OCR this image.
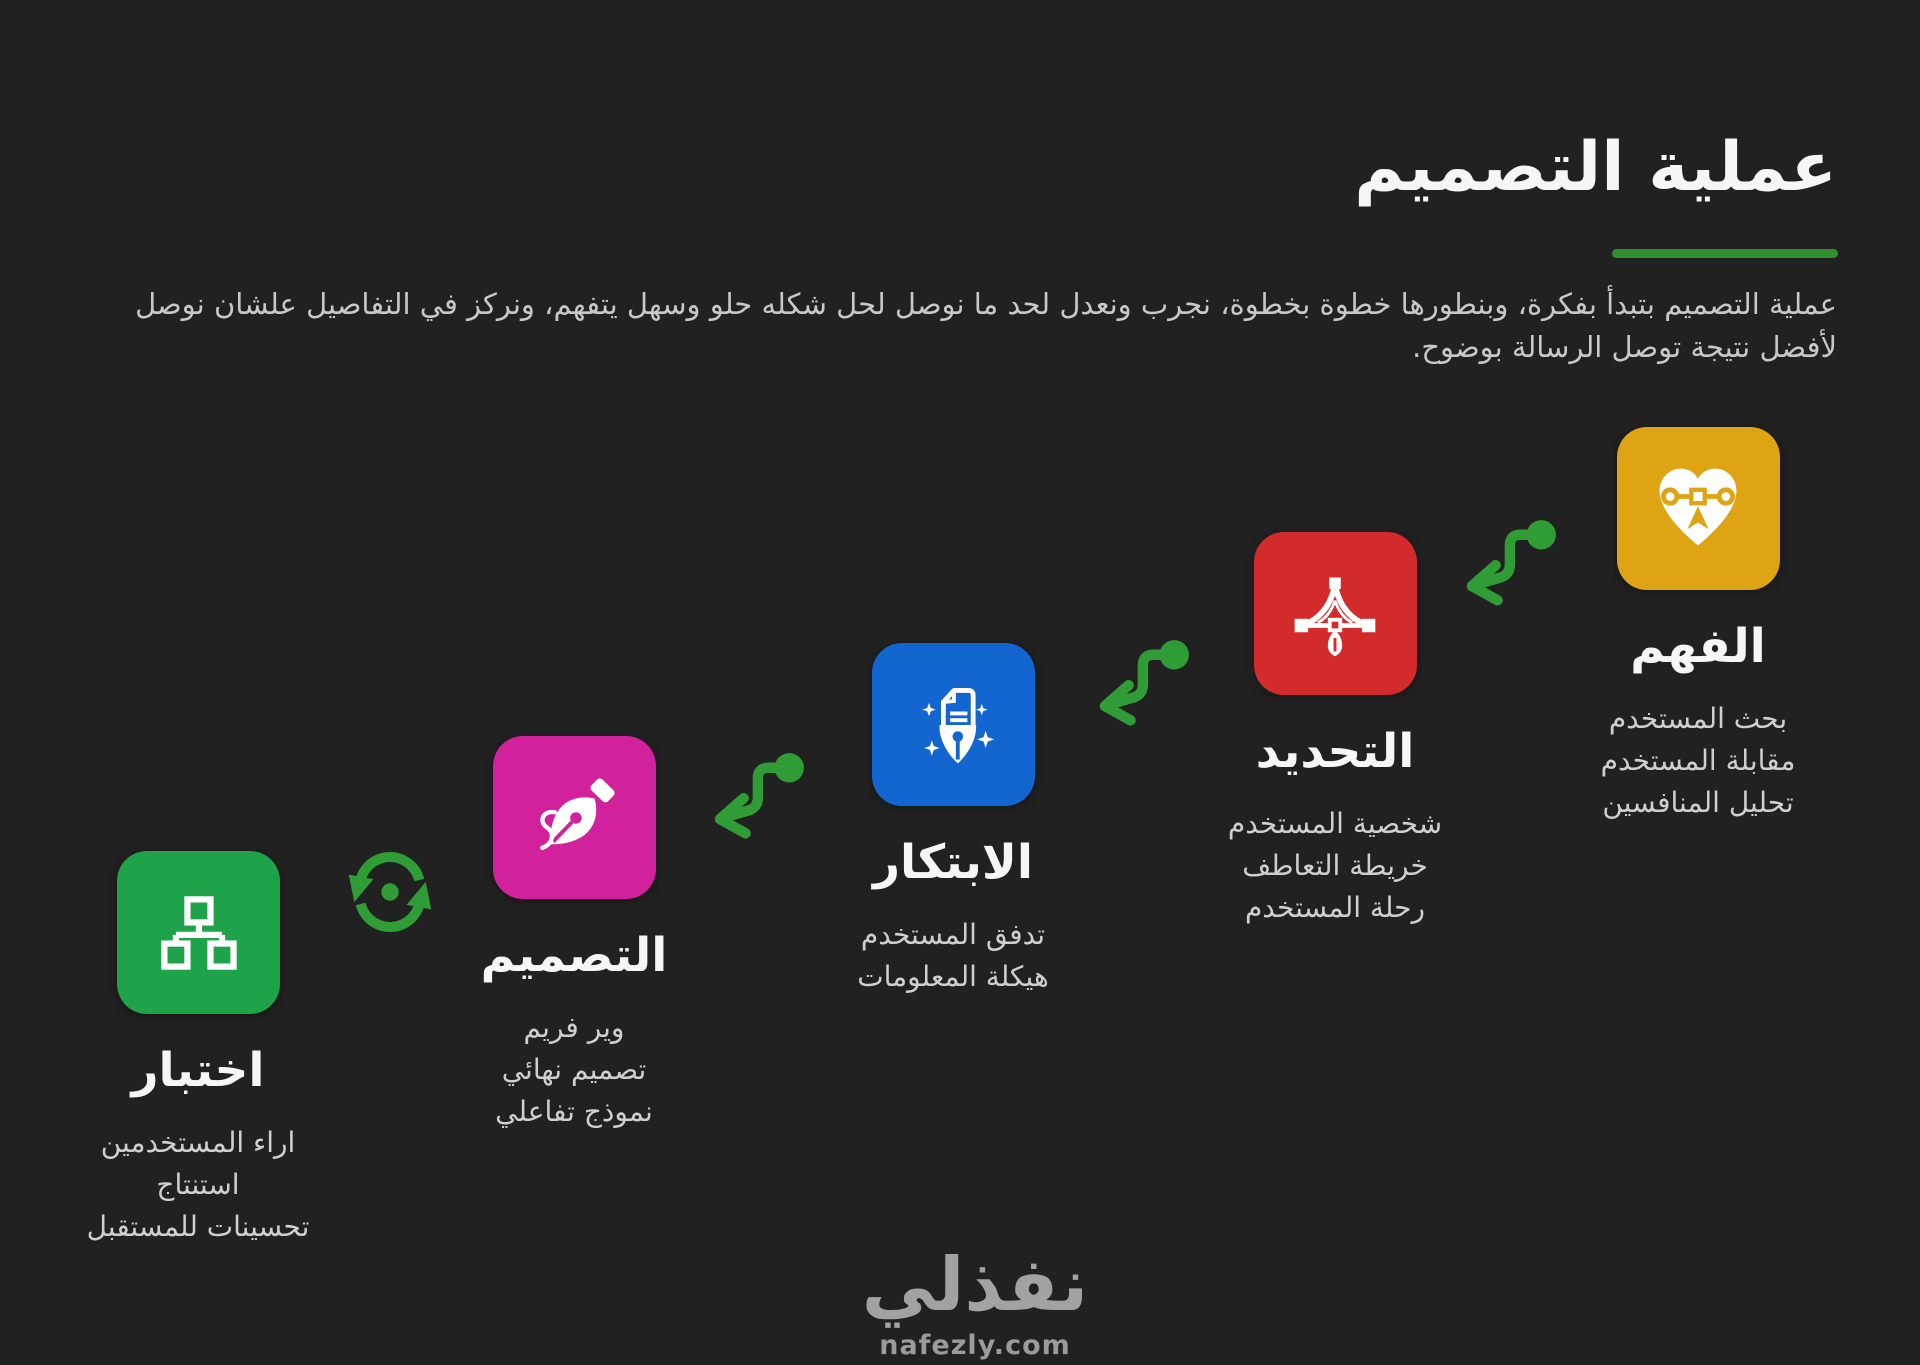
عملية التصميم

عملية التصميم بتبدأ بفكرة، وبنطورها خطوة بخطوة، نجرب ونعدل لحد ما نوصل لحل شكله حلو وسهل يتفهم، ونركز في التفاصيل علشان نوصل

لأفضل نتيجة توصل الرسالة بوضوح.

الفهم
بحث المستخدم
مقابلة المستخدم
تحليل المنافسين
التحديد
شخصية المستخدم
خريطة التعاطف
رحلة المستخدم
الابتكار
تدفق المستخدم
هيكلة المعلومات
التصميم
وير فريم
تصميم نهائي
نموذج تفاعلي
اختبار
اراء المستخدمين
استنتاج
تحسينات للمستقبل
نفذلي
nafezly.com
